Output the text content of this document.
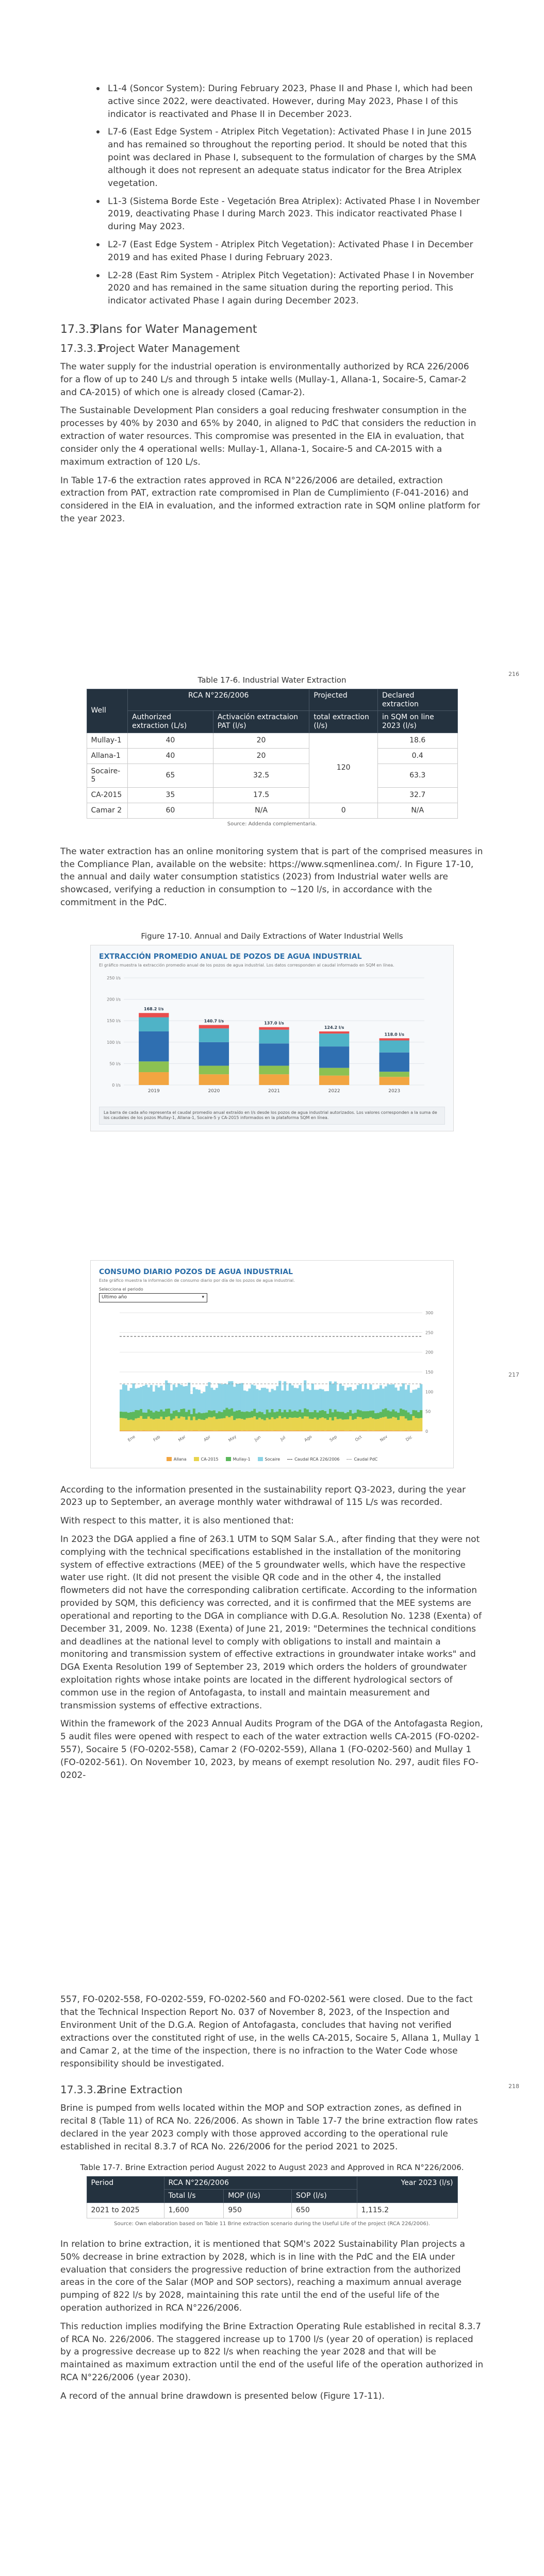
216
217
218
L1-4 (Soncor System): During February 2023, Phase II and Phase I, which had been active since 2022, were deactivated. However, during May 2023, Phase I of this indicator is reactivated and Phase II in December 2023.
L7-6 (East Edge System - Atriplex Pitch Vegetation): Activated Phase I in June 2015 and has remained so throughout the reporting period. It should be noted that this point was declared in Phase I, subsequent to the formulation of charges by the SMA although it does not represent an adequate status indicator for the Brea Atriplex vegetation.
L1-3 (Sistema Borde Este - Vegetación Brea Atriplex): Activated Phase I in November 2019, deactivating Phase I during March 2023. This indicator reactivated Phase I during May 2023.
L2-7 (East Edge System - Atriplex Pitch Vegetation): Activated Phase I in December 2019 and has exited Phase I during February 2023.
L2-28 (East Rim System - Atriplex Pitch Vegetation): Activated Phase I in November 2020 and has remained in the same situation during the reporting period. This indicator activated Phase I again during December 2023.
17.3.3
Plans for Water Management
17.3.3.1
Project Water Management

The water supply for the industrial operation is environmentally authorized by RCA 226/2006 for a flow of up to 240 L/s and through 5 intake wells (Mullay-1, Allana-1, Socaire-5, Camar-2 and CA-2015) of which one is already closed (Camar-2).

The Sustainable Development Plan considers a goal reducing freshwater consumption in the processes by 40% by 2030 and 65% by 2040, in aligned to PdC that considers the reduction in extraction of water resources. This compromise was presented in the EIA in evaluation, that consider only the 4 operational wells: Mullay-1, Allana-1, Socaire-5 and CA-2015 with a maximum extraction of 120 L/s.

In Table 17-6 the extraction rates approved in RCA N°226/2006 are detailed, extraction extraction from PAT, extraction rate compromised in Plan de Cumplimiento (F-041-2016) and considered in the EIA in evaluation, and the informed extraction rate in SQM online platform for the year 2023.

Table 17-6. Industrial Water Extraction
Well	RCA N°226/2006		Projected	Declared extraction
	Authorized extraction (L/s)	Activación extractaion PAT (l/s)	total extraction (l/s)	in SQM on line 2023 (l/s)
Mullay-1	40	20	120	18.6
Allana-1	40	20		0.4
Socaire-5	65	32.5		63.3
CA-2015	35	17.5		32.7
Camar 2	60	N/A	0	N/A
Source: Addenda complementaria.

The water extraction has an online monitoring system that is part of the comprised measures in the Compliance Plan, available on the website: https://www.sqmenlinea.com/. In Figure 17-10, the annual and daily water consumption statistics (2023) from Industrial water wells are showcased, verifying a reduction in consumption to ~120 l/s, in accordance with the commitment in the PdC.

Figure 17-10. Annual and Daily Extractions of Water Industrial Wells
EXTRACCIÓN PROMEDIO ANUAL DE POZOS DE AGUA INDUSTRIAL
El gráfico muestra la extracción promedio anual de los pozos de agua industrial. Los datos corresponden al caudal informado en SQM en línea.
0 l/s
50 l/s
100 l/s
150 l/s
200 l/s
250 l/s
168.2 l/s
2019
140.7 l/s
2020
137.0 l/s
2021
124.2 l/s
2022
118.0 l/s
2023
La barra de cada año representa el caudal promedio anual extraído en l/s desde los pozos de agua industrial autorizados. Los valores corresponden a la suma de los caudales de los pozos Mullay-1, Allana-1, Socaire-5 y CA-2015 informados en la plataforma SQM en línea.
CONSUMO DIARIO POZOS DE AGUA INDUSTRIAL
Este gráfico muestra la información de consumo diario por día de los pozos de agua industrial.
Selecciona el periodo
Ultimo año	▾
0
50
100
150
200
250
300
Ene	Feb	Mar	Abr	May	Jun	Jul	Ago	Sep	Oct	Nov	Dic
Allana	CA-2015	Mullay-1	Socaire	Caudal RCA 226/2006	Caudal PdC

According to the information presented in the sustainability report Q3-2023, during the year 2023 up to September, an average monthly water withdrawal of 115 L/s was recorded.

With respect to this matter, it is also mentioned that:

In 2023 the DGA applied a fine of 263.1 UTM to SQM Salar S.A., after finding that they were not complying with the technical specifications established in the installation of the monitoring system of effective extractions (MEE) of the 5 groundwater wells, which have the respective water use right. (It did not present the visible QR code and in the other 4, the installed flowmeters did not have the corresponding calibration certificate. According to the information provided by SQM, this deficiency was corrected, and it is confirmed that the MEE systems are operational and reporting to the DGA in compliance with D.G.A. Resolution No. 1238 (Exenta) of December 31, 2009. No. 1238 (Exenta) of June 21, 2019: "Determines the technical conditions and deadlines at the national level to comply with obligations to install and maintain a monitoring and transmission system of effective extractions in groundwater intake works" and DGA Exenta Resolution 199 of September 23, 2019 which orders the holders of groundwater exploitation rights whose intake points are located in the different hydrological sectors of common use in the region of Antofagasta, to install and maintain measurement and transmission systems of effective extractions.

Within the framework of the 2023 Annual Audits Program of the DGA of the Antofagasta Region, 5 audit files were opened with respect to each of the water extraction wells CA-2015 (FO-0202-557), Socaire 5 (FO-0202-558), Camar 2 (FO-0202-559), Allana 1 (FO-0202-560) and Mullay 1 (FO-0202-561). On November 10, 2023, by means of exempt resolution No. 297, audit files FO-0202-

557, FO-0202-558, FO-0202-559, FO-0202-560 and FO-0202-561 were closed. Due to the fact that the Technical Inspection Report No. 037 of November 8, 2023, of the Inspection and Environment Unit of the D.G.A. Region of Antofagasta, concludes that having not verified extractions over the constituted right of use, in the wells CA-2015, Socaire 5, Allana 1, Mullay 1 and Camar 2, at the time of the inspection, there is no infraction to the Water Code whose responsibility should be investigated.

17.3.3.2
Brine Extraction

Brine is pumped from wells located within the MOP and SOP extraction zones, as defined in recital 8 (Table 11) of RCA No. 226/2006. As shown in Table 17-7 the brine extraction flow rates declared in the year 2023 comply with those approved according to the operational rule established in recital 8.3.7 of RCA No. 226/2006 for the period 2021 to 2025.

Table 17-7. Brine Extraction period August 2022 to August 2023 and Approved in RCA N°226/2006.
Period	RCA N°226/2006			Year 2023 (l/s)
	Total l/s	MOP (l/s)	SOP (l/s)	
2021 to 2025	1,600	950	650	1,115.2
Source: Own elaboration based on Table 11 Brine extraction scenario during the Useful Life of the project (RCA 226/2006).

In relation to brine extraction, it is mentioned that SQM's 2022 Sustainability Plan projects a 50% decrease in brine extraction by 2028, which is in line with the PdC and the EIA under evaluation that considers the progressive reduction of brine extraction from the authorized areas in the core of the Salar (MOP and SOP sectors), reaching a maximum annual average pumping of 822 l/s by 2028, maintaining this rate until the end of the useful life of the operation authorized in RCA N°226/2006.

This reduction implies modifying the Brine Extraction Operating Rule established in recital 8.3.7 of RCA No. 226/2006. The staggered increase up to 1700 l/s (year 20 of operation) is replaced by a progressive decrease up to 822 l/s when reaching the year 2028 and that will be maintained as maximum extraction until the end of the useful life of the operation authorized in RCA N°226/2006 (year 2030).

A record of the annual brine drawdown is presented below (Figure 17-11).
